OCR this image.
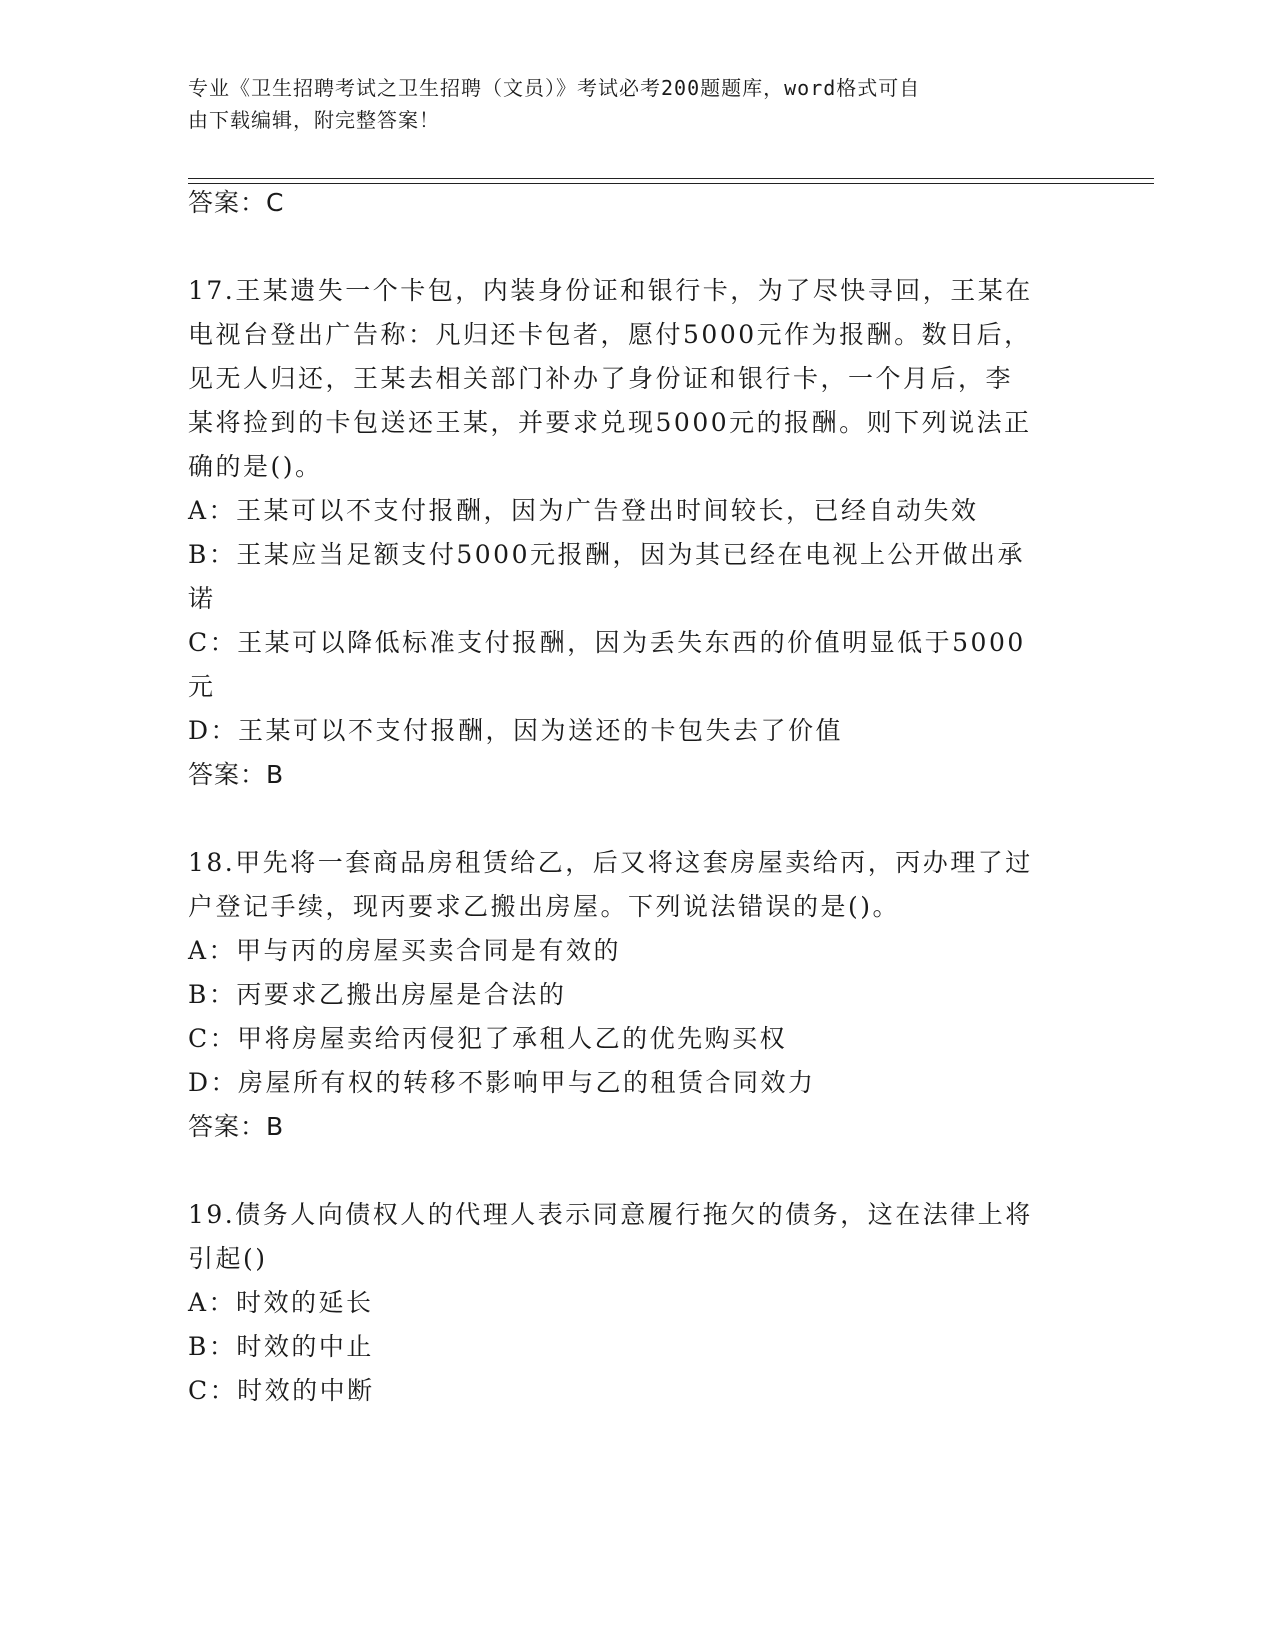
专业《卫生招聘考试之卫生招聘（文员）》考试必考200题题库，word格式可自
由下载编辑，附完整答案！
答案：C
17.王某遗失一个卡包，内装身份证和银行卡，为了尽快寻回，王某在
电视台登出广告称：凡归还卡包者，愿付5000元作为报酬。数日后，
见无人归还，王某去相关部门补办了身份证和银行卡，一个月后，李
某将捡到的卡包送还王某，并要求兑现5000元的报酬。则下列说法正
确的是()。
A：王某可以不支付报酬，因为广告登出时间较长，已经自动失效
B：王某应当足额支付5000元报酬，因为其已经在电视上公开做出承
诺
C：王某可以降低标准支付报酬，因为丢失东西的价值明显低于5000
元
D：王某可以不支付报酬，因为送还的卡包失去了价值
答案：B
18.甲先将一套商品房租赁给乙，后又将这套房屋卖给丙，丙办理了过
户登记手续，现丙要求乙搬出房屋。下列说法错误的是()。
A：甲与丙的房屋买卖合同是有效的
B：丙要求乙搬出房屋是合法的
C：甲将房屋卖给丙侵犯了承租人乙的优先购买权
D：房屋所有权的转移不影响甲与乙的租赁合同效力
答案：B
19.债务人向债权人的代理人表示同意履行拖欠的债务，这在法律上将
引起()
A：时效的延长
B：时效的中止
C：时效的中断
